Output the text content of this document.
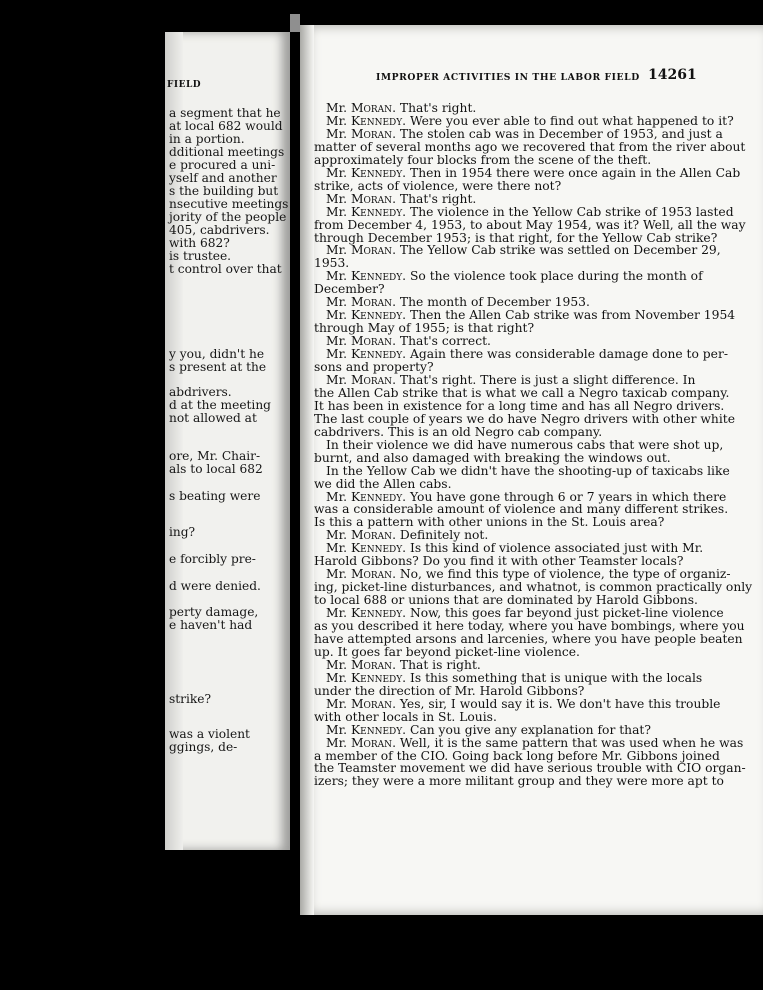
FIELD
a segment that he
at local 682 would
in a portion.
dditional meetings
e procured a uni-
yself and another
s the building but
nsecutive meetings
jority of the people
405, cabdrivers.
with 682?
is trustee.
t control over that
y you, didn't he
s present at the
abdrivers.
d at the meeting
not allowed at
ore, Mr. Chair-
als to local 682
s beating were
ing?
e forcibly pre-
d were denied.
perty damage,
e haven't had
strike?
was a violent
ggings, de-
IMPROPER ACTIVITIES IN THE LABOR FIELD 14261
Mr. Moran. That's right.
Mr. Kennedy. Were you ever able to find out what happened to it?
Mr. Moran. The stolen cab was in December of 1953, and just a
matter of several months ago we recovered that from the river about
approximately four blocks from the scene of the theft.
Mr. Kennedy. Then in 1954 there were once again in the Allen Cab
strike, acts of violence, were there not?
Mr. Moran. That's right.
Mr. Kennedy. The violence in the Yellow Cab strike of 1953 lasted
from December 4, 1953, to about May 1954, was it? Well, all the way
through December 1953; is that right, for the Yellow Cab strike?
Mr. Moran. The Yellow Cab strike was settled on December 29,
1953.
Mr. Kennedy. So the violence took place during the month of
December?
Mr. Moran. The month of December 1953.
Mr. Kennedy. Then the Allen Cab strike was from November 1954
through May of 1955; is that right?
Mr. Moran. That's correct.
Mr. Kennedy. Again there was considerable damage done to per-
sons and property?
Mr. Moran. That's right. There is just a slight difference. In
the Allen Cab strike that is what we call a Negro taxicab company.
It has been in existence for a long time and has all Negro drivers.
The last couple of years we do have Negro drivers with other white
cabdrivers. This is an old Negro cab company.
In their violence we did have numerous cabs that were shot up,
burnt, and also damaged with breaking the windows out.
In the Yellow Cab we didn't have the shooting-up of taxicabs like
we did the Allen cabs.
Mr. Kennedy. You have gone through 6 or 7 years in which there
was a considerable amount of violence and many different strikes.
Is this a pattern with other unions in the St. Louis area?
Mr. Moran. Definitely not.
Mr. Kennedy. Is this kind of violence associated just with Mr.
Harold Gibbons? Do you find it with other Teamster locals?
Mr. Moran. No, we find this type of violence, the type of organiz-
ing, picket-line disturbances, and whatnot, is common practically only
to local 688 or unions that are dominated by Harold Gibbons.
Mr. Kennedy. Now, this goes far beyond just picket-line violence
as you described it here today, where you have bombings, where you
have attempted arsons and larcenies, where you have people beaten
up. It goes far beyond picket-line violence.
Mr. Moran. That is right.
Mr. Kennedy. Is this something that is unique with the locals
under the direction of Mr. Harold Gibbons?
Mr. Moran. Yes, sir, I would say it is. We don't have this trouble
with other locals in St. Louis.
Mr. Kennedy. Can you give any explanation for that?
Mr. Moran. Well, it is the same pattern that was used when he was
a member of the CIO. Going back long before Mr. Gibbons joined
the Teamster movement we did have serious trouble with CIO organ-
izers; they were a more militant group and they were more apt to
